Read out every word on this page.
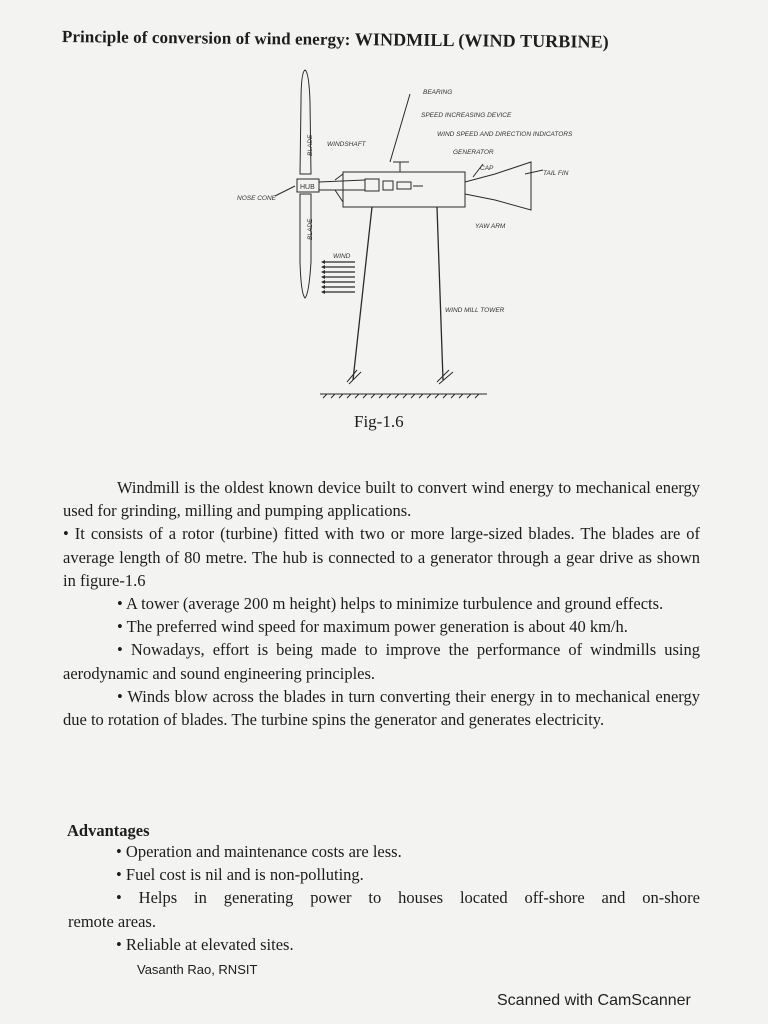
Principle of conversion of wind energy: WINDMILL (WIND TURBINE)
BEARING
SPEED INCREASING DEVICE
WIND SPEED AND DIRECTION INDICATORS
GENERATOR
CAP
TAIL FIN
WINDSHAFT
BLADE
BLADE
HUB
NOSE CONE
YAW ARM
WIND
WIND MILL TOWER
Fig-1.6

Windmill is the oldest known device built to convert wind energy to mechanical energy used for grinding, milling and pumping applications.

• It consists of a rotor (turbine) fitted with two or more large-sized blades. The blades are of average length of 80 metre. The hub is connected to a generator through a gear drive as shown in figure-1.6

• A tower (average 200 m height) helps to minimize turbulence and ground effects.

• The preferred wind speed for maximum power generation is about 40 km/h.

• Nowadays, effort is being made to improve the performance of windmills using aerodynamic and sound engineering principles.

• Winds blow across the blades in turn converting their energy in to mechanical energy due to rotation of blades. The turbine spins the generator and generates electricity.

Advantages

• Operation and maintenance costs are less.

• Fuel cost is nil and is non-polluting.

• Helps in generating power to houses located off-shore and on-shore

remote areas.

• Reliable at elevated sites.

Vasanth Rao, RNSIT
Scanned with CamScanner
